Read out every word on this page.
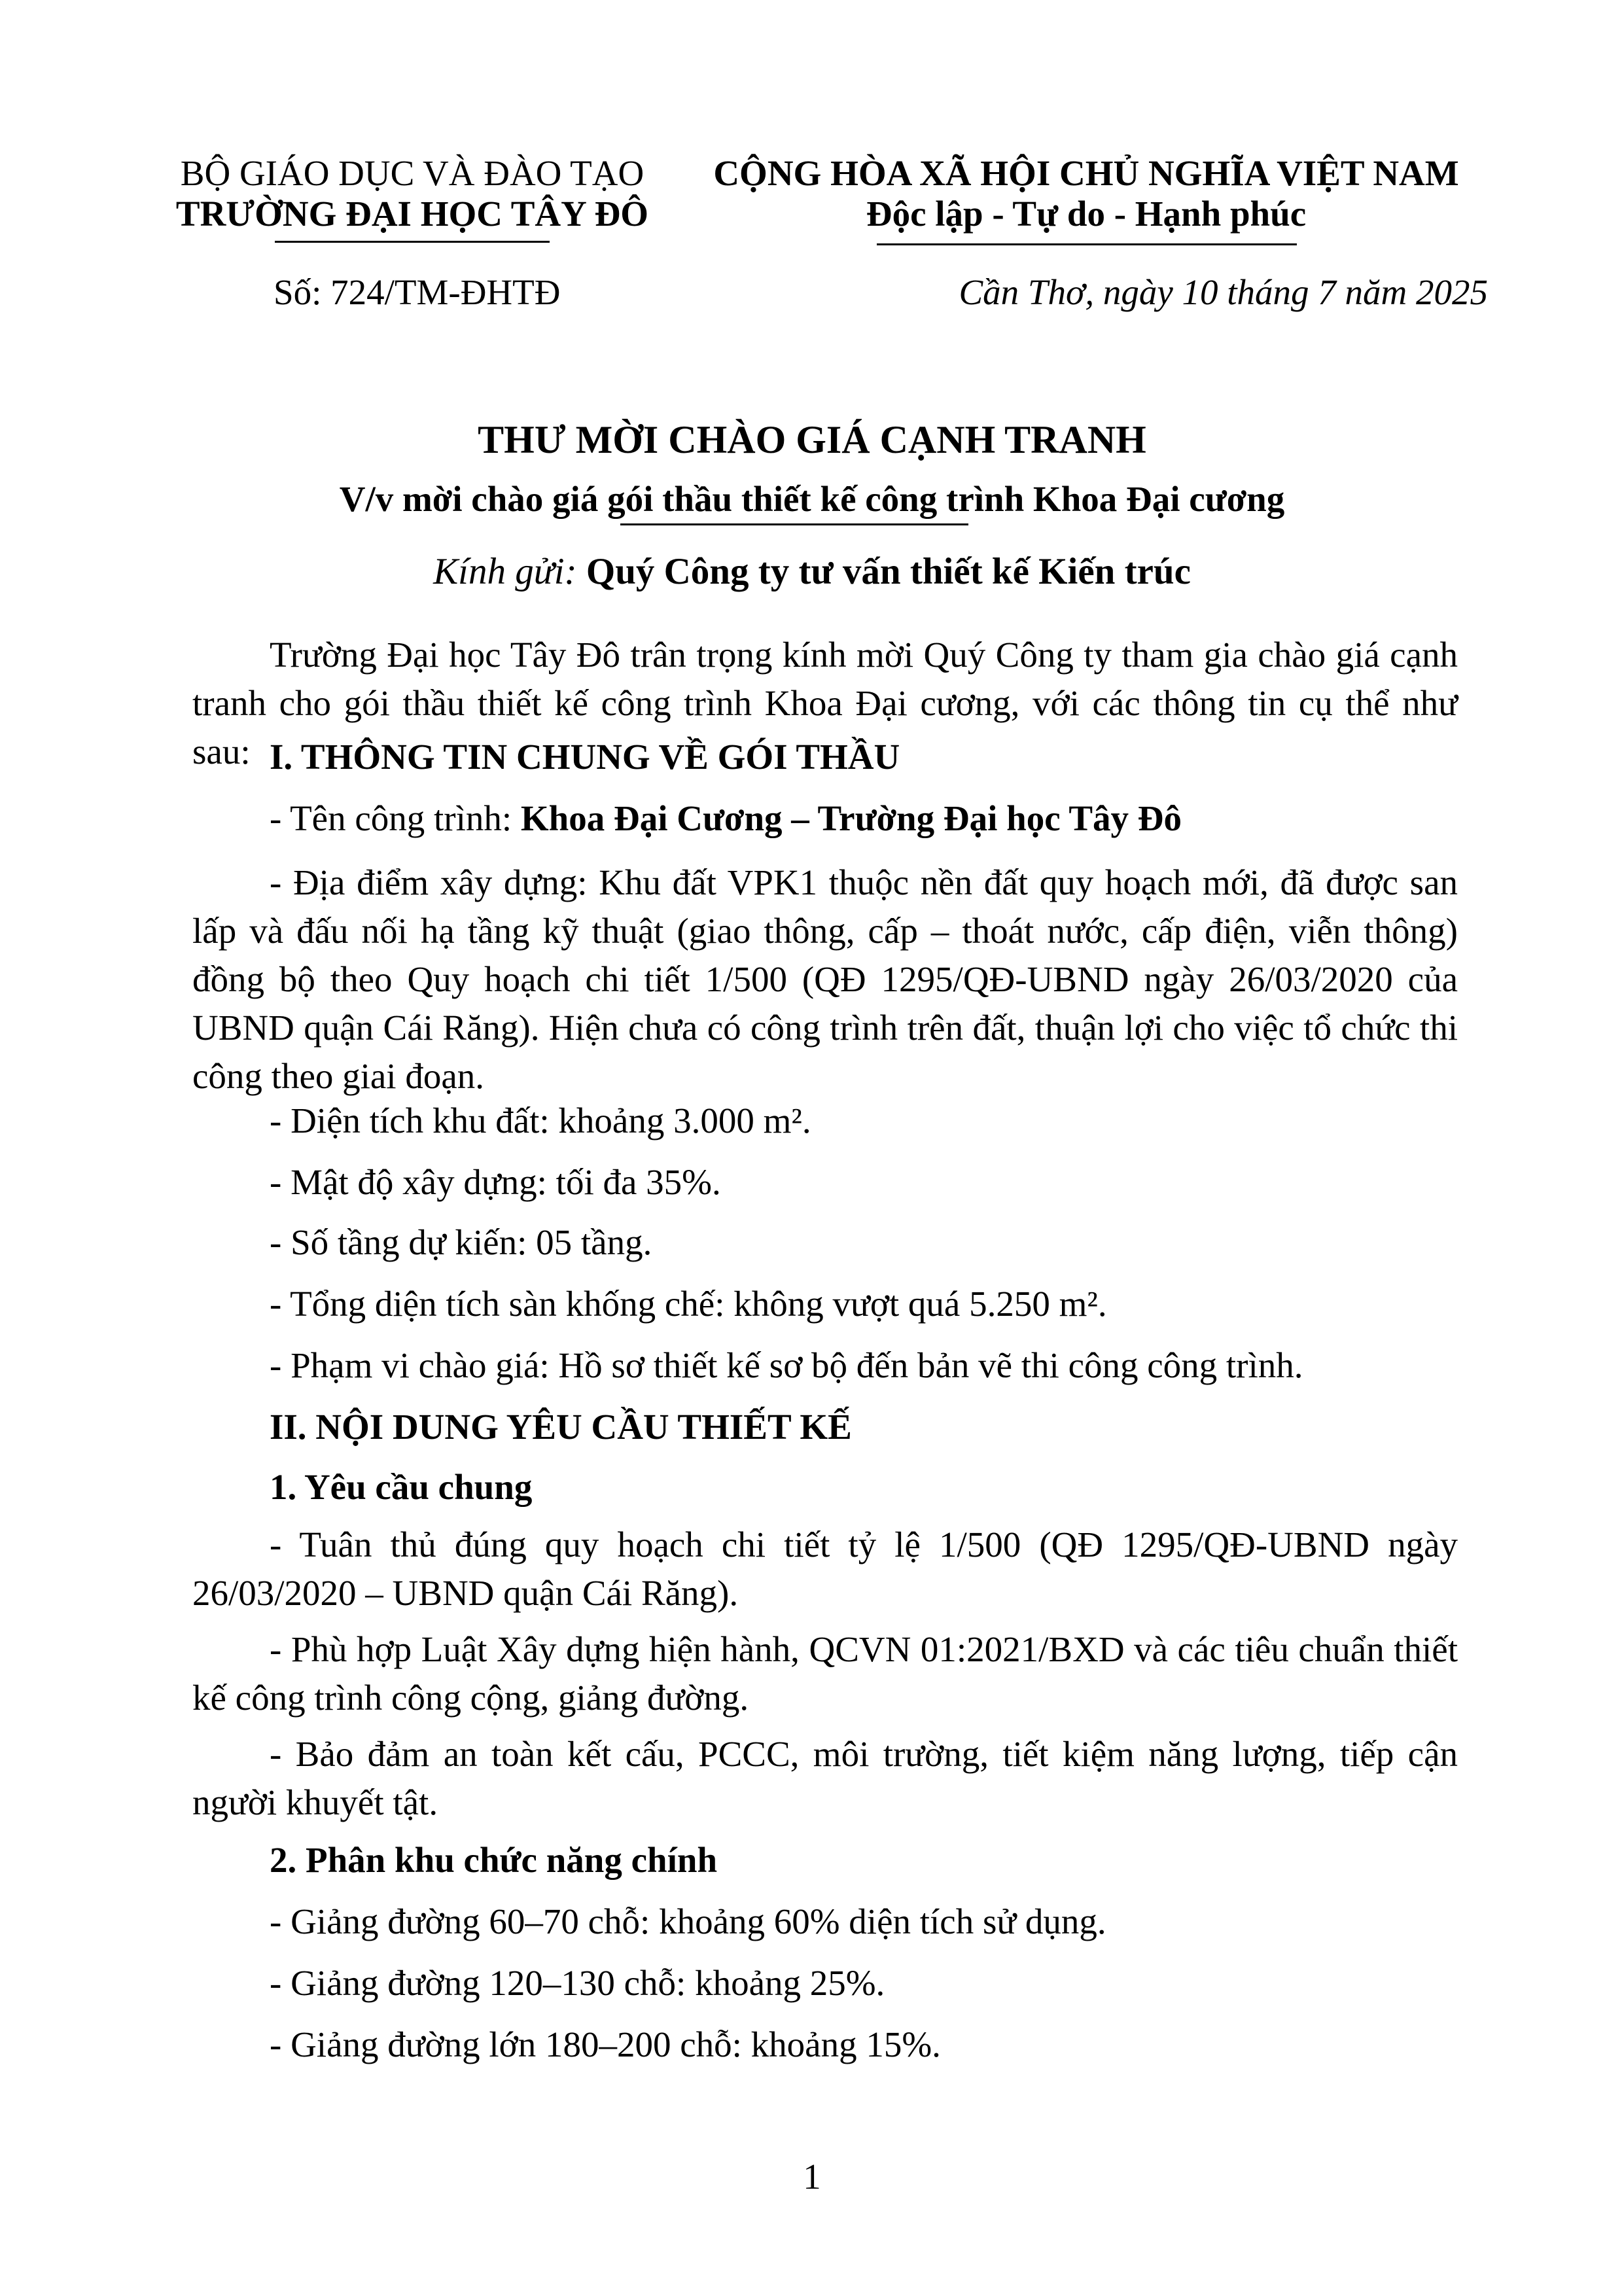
BỘ GIÁO DỤC VÀ ĐÀO TẠO
TRƯỜNG ĐẠI HỌC TÂY ĐÔ
CỘNG HÒA XÃ HỘI CHỦ NGHĨA VIỆT NAM
Độc lập - Tự do - Hạnh phúc
Số: 724/TM-ĐHTĐ	Cần Thơ, ngày 10 tháng 7 năm 2025
THƯ MỜI CHÀO GIÁ CẠNH TRANH
V/v mời chào giá gói thầu thiết kế công trình Khoa Đại cương
Kính gửi: Quý Công ty tư vấn thiết kế Kiến trúc
Trường Đại học Tây Đô trân trọng kính mời Quý Công ty tham gia chào giá cạnh tranh cho gói thầu thiết kế công trình Khoa Đại cương, với các thông tin cụ thể như sau: I. THÔNG TIN CHUNG VỀ GÓI THẦU
- Tên công trình: Khoa Đại Cương – Trường Đại học Tây Đô
- Địa điểm xây dựng: Khu đất VPK1 thuộc nền đất quy hoạch mới, đã được san lấp và đấu nối hạ tầng kỹ thuật (giao thông, cấp – thoát nước, cấp điện, viễn thông) đồng bộ theo Quy hoạch chi tiết 1/500 (QĐ 1295/QĐ-UBND ngày 26/03/2020 của UBND quận Cái Răng). Hiện chưa có công trình trên đất, thuận lợi cho việc tổ chức thi công theo giai đoạn.
- Diện tích khu đất: khoảng 3.000 m².
- Mật độ xây dựng: tối đa 35%.
- Số tầng dự kiến: 05 tầng.
- Tổng diện tích sàn khống chế: không vượt quá 5.250 m².
- Phạm vi chào giá: Hồ sơ thiết kế sơ bộ đến bản vẽ thi công công trình.
II. NỘI DUNG YÊU CẦU THIẾT KẾ
1. Yêu cầu chung
- Tuân thủ đúng quy hoạch chi tiết tỷ lệ 1/500 (QĐ 1295/QĐ-UBND ngày 26/03/2020 – UBND quận Cái Răng).
- Phù hợp Luật Xây dựng hiện hành, QCVN 01:2021/BXD và các tiêu chuẩn thiết kế công trình công cộng, giảng đường.
- Bảo đảm an toàn kết cấu, PCCC, môi trường, tiết kiệm năng lượng, tiếp cận người khuyết tật.
2. Phân khu chức năng chính
- Giảng đường 60–70 chỗ: khoảng 60% diện tích sử dụng.
- Giảng đường 120–130 chỗ: khoảng 25%.
- Giảng đường lớn 180–200 chỗ: khoảng 15%.
1
